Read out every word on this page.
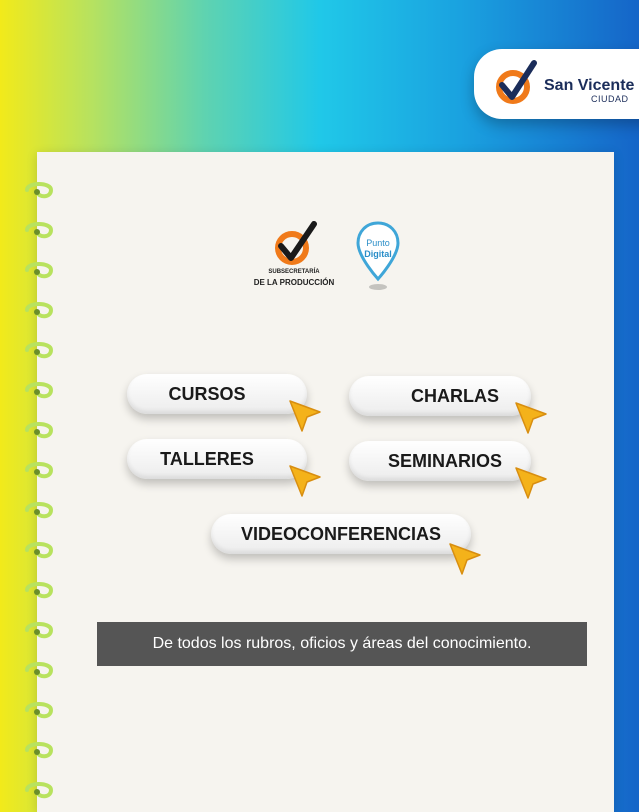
San Vicente
CIUDAD
SUBSECRETARÍA
DE LA PRODUCCIÓN
Punto
Digital
CURSOS	CHARLAS
TALLERES	SEMINARIOS
VIDEOCONFERENCIAS
De todos los rubros, oficios y áreas del conocimiento.
